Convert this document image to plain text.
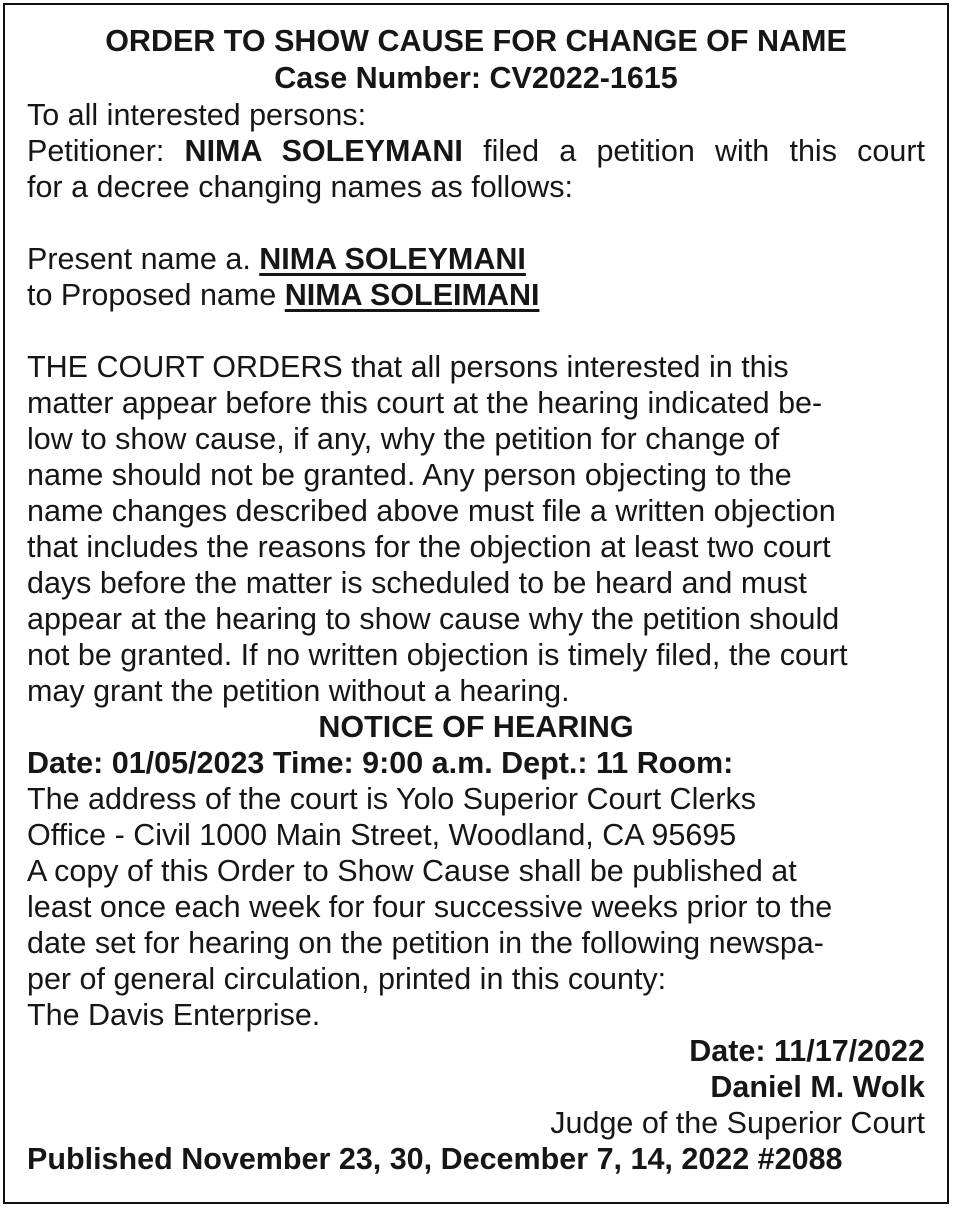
ORDER TO SHOW CAUSE FOR CHANGE OF NAME
Case Number: CV2022-1615
To all interested persons:
Petitioner: NIMA SOLEYMANI filed a petition with this court
for a decree changing names as follows:
Present name a. NIMA SOLEYMANI
to Proposed name NIMA SOLEIMANI
THE COURT ORDERS that all persons interested in this
matter appear before this court at the hearing indicated be-
low to show cause, if any, why the petition for change of
name should not be granted. Any person objecting to the
name changes described above must file a written objection
that includes the reasons for the objection at least two court
days before the matter is scheduled to be heard and must
appear at the hearing to show cause why the petition should
not be granted. If no written objection is timely filed, the court
may grant the petition without a hearing.
NOTICE OF HEARING
Date: 01/05/2023 Time: 9:00 a.m. Dept.: 11 Room:
The address of the court is Yolo Superior Court Clerks
Office - Civil 1000 Main Street, Woodland, CA 95695
A copy of this Order to Show Cause shall be published at
least once each week for four successive weeks prior to the
date set for hearing on the petition in the following newspa-
per of general circulation, printed in this county:
The Davis Enterprise.
Date: 11/17/2022
Daniel M. Wolk
Judge of the Superior Court
Published November 23, 30, December 7, 14, 2022 #2088
